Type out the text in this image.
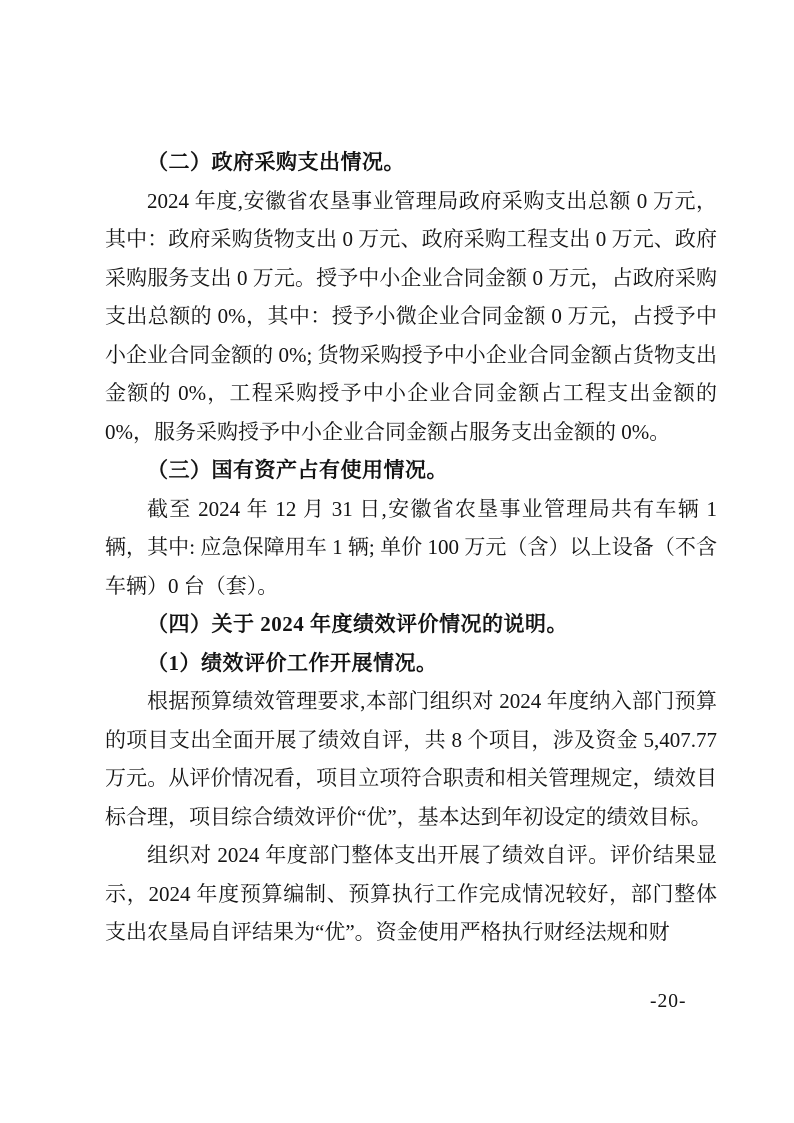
（二）政府采购支出情况。

2024 年度,安徽省农垦事业管理局政府采购支出总额 0 万元，其中：政府采购货物支出 0 万元、政府采购工程支出 0 万元、政府采购服务支出 0 万元。授予中小企业合同金额 0 万元，占政府采购支出总额的 0%，其中：授予小微企业合同金额 0 万元，占授予中小企业合同金额的 0%; 货物采购授予中小企业合同金额占货物支出金额的 0%，工程采购授予中小企业合同金额占工程支出金额的 0%，服务采购授予中小企业合同金额占服务支出金额的 0%。

（三）国有资产占有使用情况。

截至 2024 年 12 月 31 日,安徽省农垦事业管理局共有车辆 1 辆，其中: 应急保障用车 1 辆; 单价 100 万元（含）以上设备（不含车辆）0 台（套）。

（四）关于 2024 年度绩效评价情况的说明。

（1）绩效评价工作开展情况。

根据预算绩效管理要求,本部门组织对 2024 年度纳入部门预算的项目支出全面开展了绩效自评，共 8 个项目，涉及资金 5,407.77 万元。从评价情况看，项目立项符合职责和相关管理规定，绩效目标合理，项目综合绩效评价“优”，基本达到年初设定的绩效目标。

组织对 2024 年度部门整体支出开展了绩效自评。评价结果显示，2024 年度预算编制、预算执行工作完成情况较好，部门整体支出农垦局自评结果为“优”。资金使用严格执行财经法规和财

-20-
